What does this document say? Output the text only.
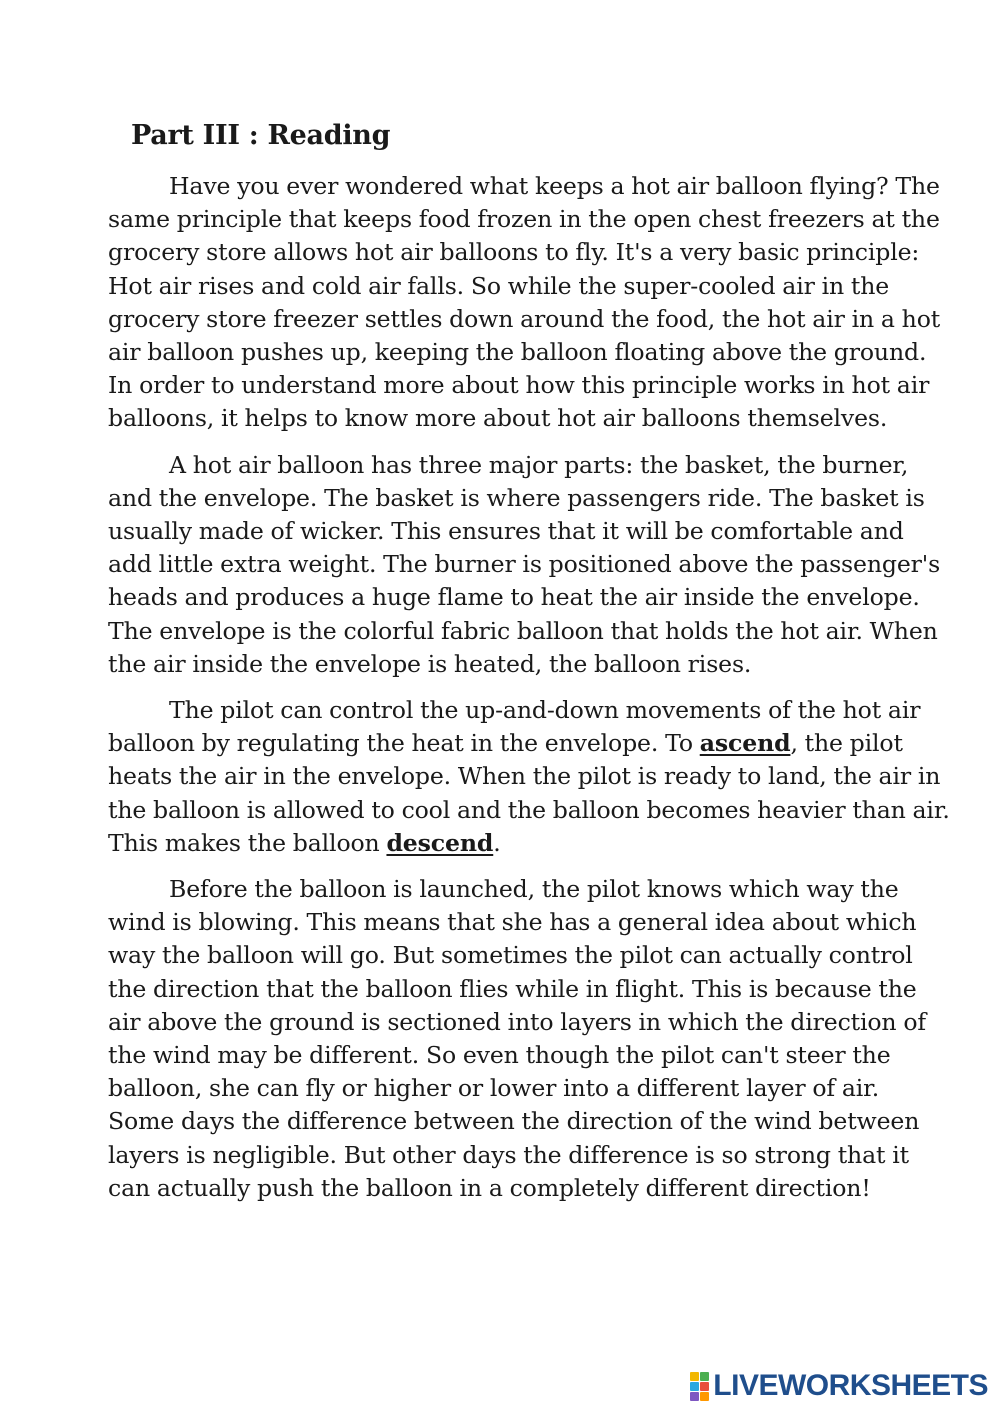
Part III : Reading

Have you ever wondered what keeps a hot air balloon flying? The same principle that keeps food frozen in the open chest freezers at the grocery store allows hot air balloons to fly. It's a very basic principle: Hot air rises and cold air falls. So while the super-cooled air in the grocery store freezer settles down around the food, the hot air in a hot air balloon pushes up, keeping the balloon floating above the ground. In order to understand more about how this principle works in hot air balloons, it helps to know more about hot air balloons themselves.

A hot air balloon has three major parts: the basket, the burner, and the envelope. The basket is where passengers ride. The basket is usually made of wicker. This ensures that it will be comfortable and add little extra weight. The burner is positioned above the passenger's heads and produces a huge flame to heat the air inside the envelope. The envelope is the colorful fabric balloon that holds the hot air. When the air inside the envelope is heated, the balloon rises.

The pilot can control the up-and-down movements of the hot air balloon by regulating the heat in the envelope. To ascend, the pilot heats the air in the envelope. When the pilot is ready to land, the air in the balloon is allowed to cool and the balloon becomes heavier than air. This makes the balloon descend.

Before the balloon is launched, the pilot knows which way the wind is blowing. This means that she has a general idea about which way the balloon will go. But sometimes the pilot can actually control the direction that the balloon flies while in flight. This is because the air above the ground is sectioned into layers in which the direction of the wind may be different. So even though the pilot can't steer the balloon, she can fly or higher or lower into a different layer of air. Some days the difference between the direction of the wind between layers is negligible. But other days the difference is so strong that it can actually push the balloon in a completely different direction!

LIVEWORKSHEETS
